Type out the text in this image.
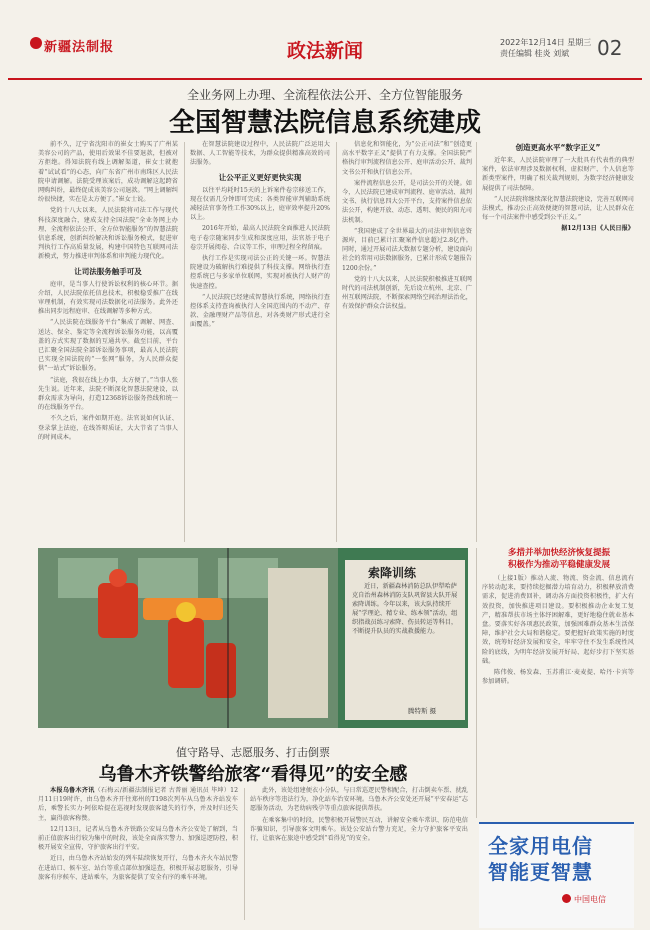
新疆法制报	政法新闻	2022年12月14日 星期三
责任编辑 桂炎 刘斌	02
全业务网上办理、全流程依法公开、全方位智能服务
全国智慧法院信息系统建成

前不久，辽宁省沈阳市的崔女士购买了广州某美容公司的产品，使用后效果不佳要退款，但被对方拒绝。得知法院有线上调解渠道，崔女士就抱着“试试看”的心态，向广东省广州市南珠区人民法院申请调解。法院受理该案后，成功调解这起跨省网购纠纷，最终促成该美容公司退款。“网上调解纠纷很快捷，实在是太方便了。”崔女士说。

党的十八大以来，人民法院将司法工作与现代科技深度融合，建成支持全国法院“全业务网上办理、全流程依法公开、全方位智能服务”的智慧法院信息系统，创新纠纷解决和诉讼服务模式，促进审判执行工作高质量发展，构建中国特色互联网司法新模式，努力推进审判体系和审判能力现代化。

让司法服务触手可及

庭审，是当事人行使诉讼权利的核心环节。据介绍，人民法院依托信息技术，积极稳妥推广在线审理机制，有效实现司法数据化司法服务。此外还推出同步远程庭审、在线调解等多种方式。

“人民法院在线服务平台”集成了调解、网查、送达、保全、鉴定等全流程诉讼服务功能，以高覆盖的方式实现了数据的互通共享。截至目前，平台已汇聚全国法院全部诉讼服务事项，最高人民法院已实现全国法院的“一张网”服务，为人民群众提供“一站式”诉讼服务。

“法庭，我很在线上办事，太方便了。”当事人张先生说。近年来，法院不断深化智慧法院建设，以群众需求为导向，打造12368诉讼服务热线和统一的在线服务平台。

不久之后，案件如期开庭。法官说如何认证、登录掌上法庭，在线答辩质证，大大节省了当事人的时间成本。

在智慧法院建设过程中，人民法院广泛运用大数据、人工智能等技术，为群众提供精准高效的司法服务。

让公平正义更好更快实现

以往平均耗时15天的上诉案件卷宗移送工作，现在仅需几分钟即可完成；各类智能审判辅助系统减轻法官事务性工作30%以上，庭审效率提升20%以上。

2016年开始，最高人民法院全面推进人民法院电子卷宗随案同步生成和深度应用，法官基于电子卷宗开展阅卷、合议等工作，审理过程全程留痕。

执行工作是实现司法公正的关键一环。智慧法院建设为破解执行难提供了科技支撑。网络执行查控系统已与多家单位联网，实现对被执行人财产的快速查控。

“人民法院已经建成智慧执行系统，网络执行查控体系支持查询被执行人全国范围内的不动产、存款、金融理财产品等信息，对各类财产形式进行全面覆盖。”

信息化和智能化，为“公正司法”和“创造更高水平数字正义”提供了有力支撑。全国法院严格执行审判流程信息公开、庭审活动公开、裁判文书公开和执行信息公开。

案件流程信息公开，是司法公开的关键。如今，人民法院已建成审判流程、庭审活动、裁判文书、执行信息四大公开平台，支持案件信息依法公开，构建开放、动态、透明、便民的阳光司法机制。

“我国建成了全世界最大的司法审判信息资源库，目前已累计汇聚案件信息超过2.8亿件。同时，通过开展司法大数据专题分析，建设面向社会的常用司法数据服务，已累计形成专题报告1200余份。”

党的十八大以来，人民法院积极推进互联网时代的司法机制创新，先后设立杭州、北京、广州互联网法院，不断探索网络空间治理法治化，有效保护群众合法权益。

创造更高水平“数字正义”

近年来，人民法院审理了一大批具有代表性的典型案件，依法审理涉及数据权利、虚拟财产、个人信息等新类型案件，明确了相关裁判规则，为数字经济健康发展提供了司法保障。

“人民法院将继续深化智慧法院建设，完善互联网司法模式，推动公正高效便捷的智慧司法，让人民群众在每一个司法案件中感受到公平正义。”

据12月13日《人民日报》

索降训练
近日，新疆森林消防总队伊犁哈萨克自治州森林消防支队巩留县大队开展索降训练。今年以来，该大队持续开展“学理论、精专业、练本领”活动，组织指战员练习索降、伤员转运等科目，不断提升队员的实战救援能力。
腾特斯 摄
多措并举加快经济恢复提振
积极作为推动平稳健康发展

（上接1版）推动人流、物流、资金流、信息流有序转动起来，要持续挖掘潜力培育动力，积极释放消费需求，促进消费回补，调动各方面投资积极性，扩大有效投资，加快推进项目建设。要积极推动企业复工复产，精准帮扶市场主体纾困解难，更好地稳住就业基本盘。要落实好各项惠民政策，加强困难群众基本生活保障，维护社会大局和谐稳定。要把握好政策实施的时度效，统筹好经济发展和安全，牢牢守住不发生系统性风险的底线，为明年经济发展开好局、起好步打下坚实基础。

陈伟俊、杨发森、玉苏甫江·麦麦提、哈丹·卡宾等参加调研。

值守路导、志愿服务、打击倒票
乌鲁木齐铁警给旅客“看得见”的安全感

本报乌鲁木齐讯（石梅云/新疆法制报记者 古普丽 通讯员 毕坤）12月11日19时许，由乌鲁木齐开往郑州的T198次列车从乌鲁木齐站发车后，乘警长实力·阿依哈提在巡视时发现旅客遗失的行李，并及时归还失主，赢得旅客称赞。

12月13日，记者从乌鲁木齐铁路公安局乌鲁木齐公安处了解到，当前正值旅客出行较为集中的时段，该处全面落实警力、加强巡逻防控，积极开展安全宣传，守护旅客出行平安。

近日，由乌鲁木齐站始发的列车陆续恢复开行，乌鲁木齐火车站民警在进站口、候车室、站台等重点部位加强巡查，积极开展志愿服务，引导旅客有序候车、进站乘车，为旅客提供了安全有序的乘车环境。

此外，该处组建便衣小分队，与日常巡逻民警相配合，打击倒卖车票、扰乱站车秩序等违法行为，净化站车治安环境。乌鲁木齐公安处还开展“平安春运”志愿服务活动，为老幼病残孕等重点旅客提供帮扶。

在乘客集中的时段，民警积极开展警民互动，讲解安全乘车常识、防范电信诈骗知识，引导旅客文明乘车。该处公安站台警力充足，全力守护旅客平安出行，让旅客在旅途中感受到“看得见”的安全。	全家用电信
智能更智慧
中国电信
